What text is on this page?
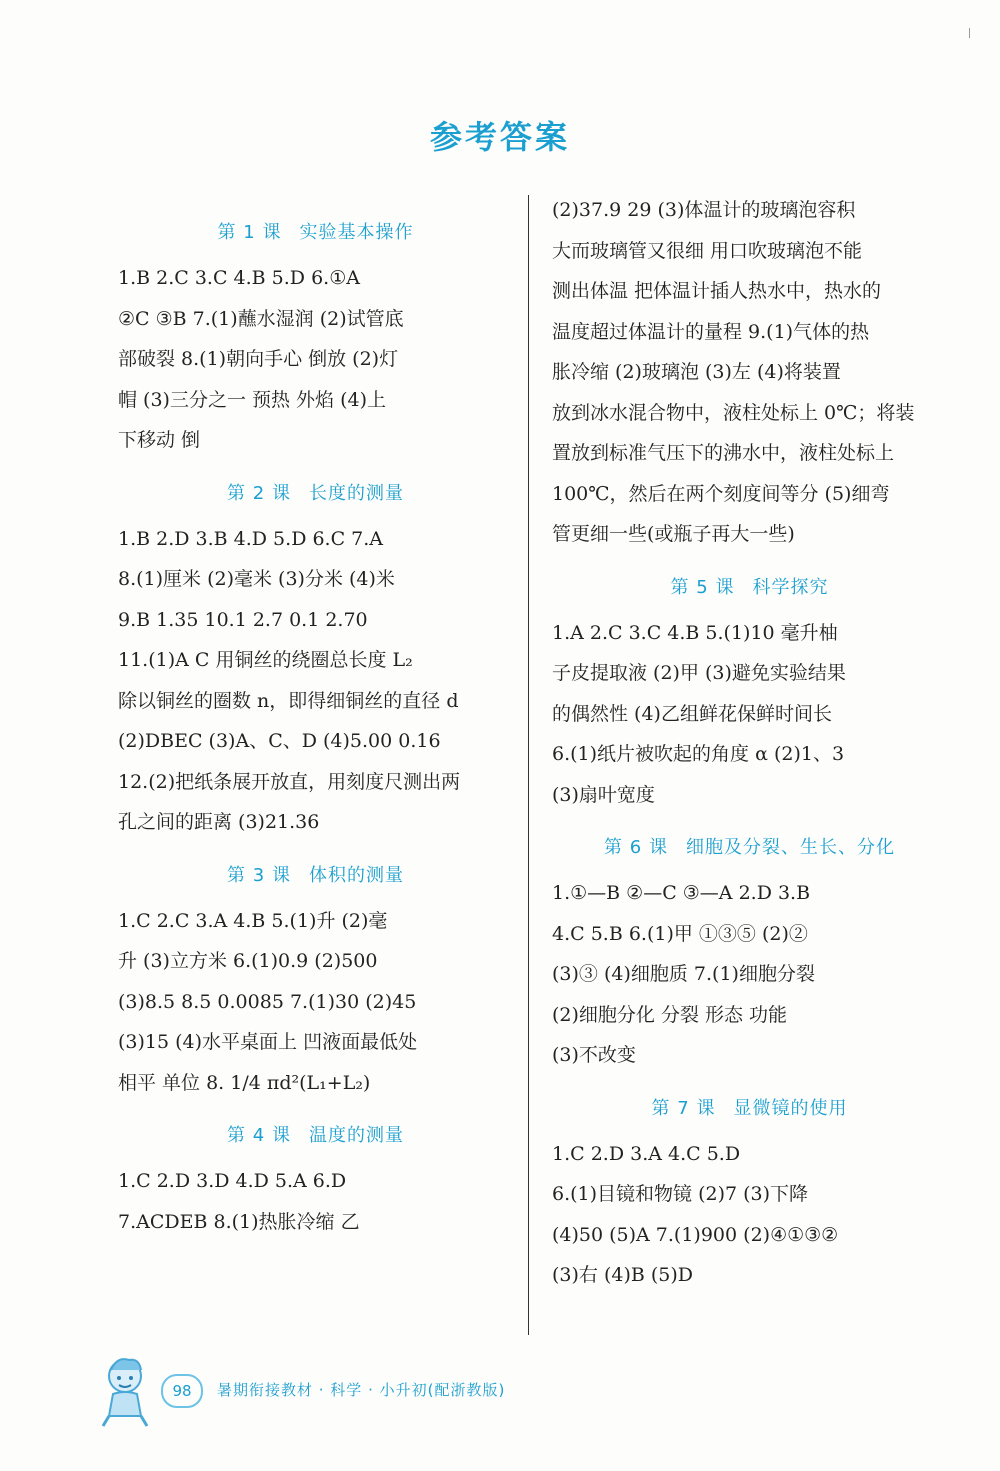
参考答案
第 1 课 实验基本操作
1.B 2.C 3.C 4.B 5.D 6.①A
②C ③B 7.(1)蘸水湿润 (2)试管底
部破裂 8.(1)朝向手心 倒放 (2)灯
帽 (3)三分之一 预热 外焰 (4)上
下移动 倒
第 2 课 长度的测量
1.B 2.D 3.B 4.D 5.D 6.C 7.A
8.(1)厘米 (2)毫米 (3)分米 (4)米
9.B 1.35 10.1 2.7 0.1 2.70
11.(1)A C 用铜丝的绕圈总长度 L₂
除以铜丝的圈数 n，即得细铜丝的直径 d
(2)DBEC (3)A、C、D (4)5.00 0.16
12.(2)把纸条展开放直，用刻度尺测出两
孔之间的距离 (3)21.36
第 3 课 体积的测量
1.C 2.C 3.A 4.B 5.(1)升 (2)毫
升 (3)立方米 6.(1)0.9 (2)500
(3)8.5 8.5 0.0085 7.(1)30 (2)45
(3)15 (4)水平桌面上 凹液面最低处
相平 单位 8. 1/4 πd²(L₁+L₂)
第 4 课 温度的测量
1.C 2.D 3.D 4.D 5.A 6.D
7.ACDEB 8.(1)热胀冷缩 乙
(2)37.9 29 (3)体温计的玻璃泡容积
大而玻璃管又很细 用口吹玻璃泡不能
测出体温 把体温计插人热水中，热水的
温度超过体温计的量程 9.(1)气体的热
胀冷缩 (2)玻璃泡 (3)左 (4)将装置
放到冰水混合物中，液柱处标上 0℃；将装
置放到标准气压下的沸水中，液柱处标上
100℃，然后在两个刻度间等分 (5)细弯
管更细一些(或瓶子再大一些)
第 5 课 科学探究
1.A 2.C 3.C 4.B 5.(1)10 毫升柚
子皮提取液 (2)甲 (3)避免实验结果
的偶然性 (4)乙组鲜花保鲜时间长
6.(1)纸片被吹起的角度 α (2)1、3
(3)扇叶宽度
第 6 课 细胞及分裂、生长、分化
1.①—B ②—C ③—A 2.D 3.B
4.C 5.B 6.(1)甲 ①③⑤ (2)②
(3)③ (4)细胞质 7.(1)细胞分裂
(2)细胞分化 分裂 形态 功能
(3)不改变
第 7 课 显微镜的使用
1.C 2.D 3.A 4.C 5.D
6.(1)目镜和物镜 (2)7 (3)下降
(4)50 (5)A 7.(1)900 (2)④①③②
(3)右 (4)B (5)D
98	暑期衔接教材 · 科学 · 小升初(配浙教版)
